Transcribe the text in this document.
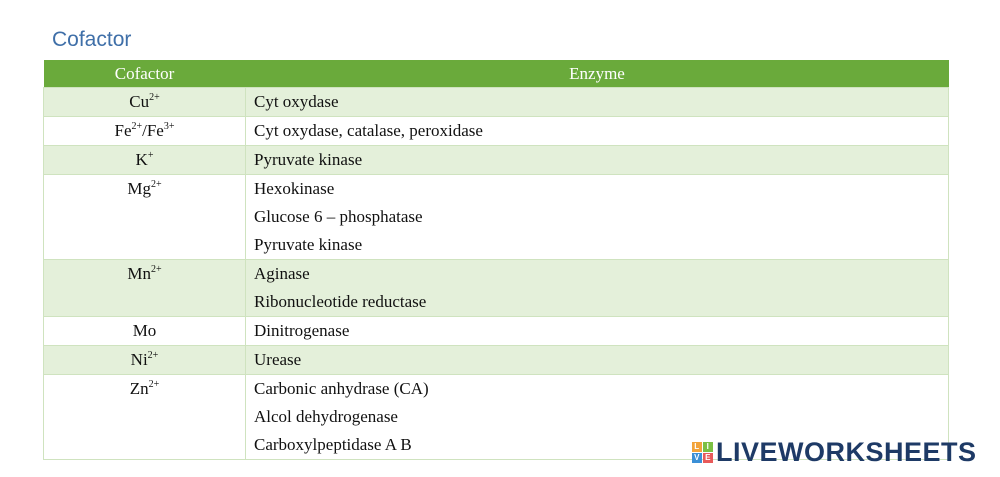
Cofactor
Cofactor	Enzyme

$Cu^{2+}$	Cyt oxydase

$Fe^{2+}/Fe^{3+}$	Cyt oxydase, catalase, peroxidase

K+	Pyruvate kinase

$Mg^{2+}$	Hexokinase
Glucose 6 – phosphatase
Pyruvate kinase

$Mn^{2+}$	Aginase
Ribonucleotide reductase

Mo	Dinitrogenase

$Ni^{2+}$	Urease

$Zn^{2+}$	Carbonic anhydrase (CA)
Alcol dehydrogenase
Carboxylpeptidase A B	L I
V E LIVEWORKSHEETS
